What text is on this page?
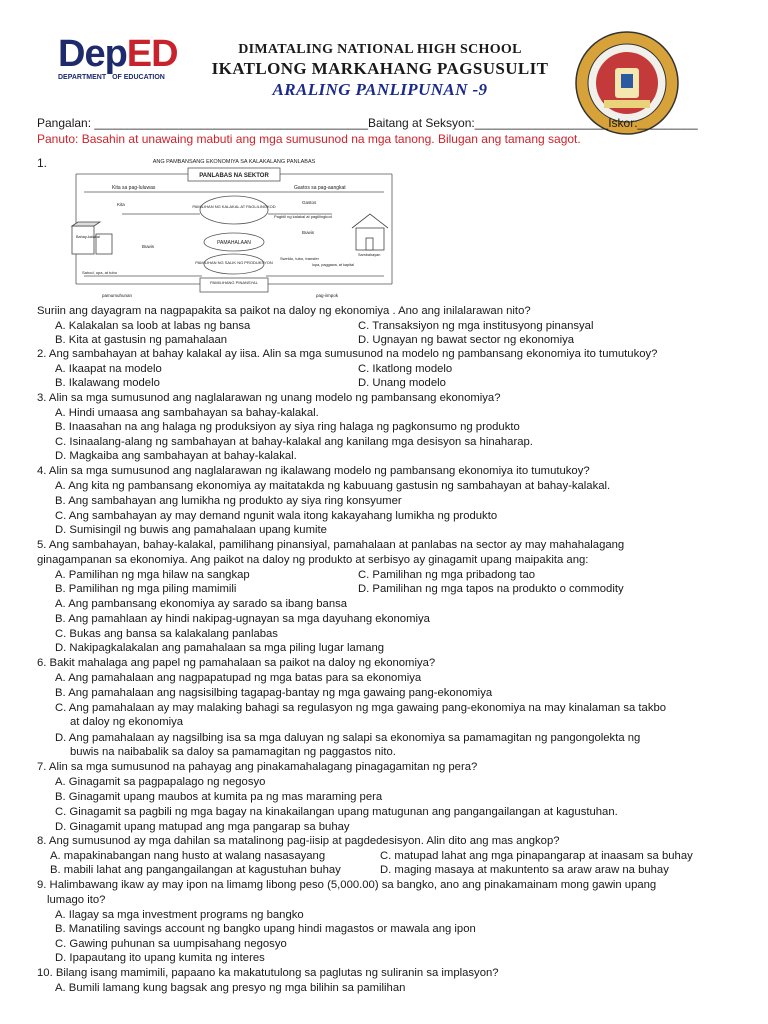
DepED
DEPARTMENT OF EDUCATION
DIMATALING NATIONAL HIGH SCHOOL
IKATLONG MARKAHANG PAGSUSULIT
ARALING PANLIPUNAN -9
Pangalan: _________________________________________Baitang at Seksyon:____________________Iskor:_________
Panuto: Basahin at unawaing mabuti ang mga sumusunod na mga tanong. Bilugan ang tamang sagot.
1.	ANG PAMBANSANG EKONOMIYA SA KALAKALANG PANLABAS
PANLABAS NA SEKTOR
Kita sa pag-luluwas	Gastos sa pag-aangkat
PAMILIHAN NG KALAKAL AT PAGLILINGKOD
Kita	Gastos
Pagbili ng kalakal at paglilingkod
PAMAHALAAN
Buwis
Buwis
PAMILIHAN NG SALIK NG PRODUKSYON
Sweldo, tubo, transfer
lupa, paggawa, at kapital
Sahod, upa, at tubo
PAMILIHANG PINANSYAL
pamumuhunan	pag-iimpok
Bahay-kalakal
Sambahayan
Suriin ang dayagram na nagpapakita sa paikot na daloy ng ekonomiya . Ano ang inilalarawan nito?
A. Kalakalan sa loob at labas ng bansa	C. Transaksiyon ng mga institusyong pinansyal
B. Kita at gastusin ng pamahalaan	D. Ugnayan ng bawat sector ng ekonomiya
2. Ang sambahayan at bahay kalakal ay iisa. Alin sa mga sumusunod na modelo ng pambansang ekonomiya ito tumutukoy?
A. Ikaapat na modelo	C. Ikatlong modelo
B. Ikalawang modelo	D. Unang modelo
3. Alin sa mga sumusunod ang naglalarawan ng unang modelo ng pambansang ekonomiya?
A. Hindi umaasa ang sambahayan sa bahay-kalakal.
B. Inaasahan na ang halaga ng produksiyon ay siya ring halaga ng pagkonsumo ng produkto
C. Isinaalang-alang ng sambahayan at bahay-kalakal ang kanilang mga desisyon sa hinaharap.
D. Magkaiba ang sambahayan at bahay-kalakal.
4. Alin sa mga sumusunod ang naglalarawan ng ikalawang modelo ng pambansang ekonomiya ito tumutukoy?
A. Ang kita ng pambansang ekonomiya ay maitatakda ng kabuuang gastusin ng sambahayan at bahay-kalakal.
B. Ang sambahayan ang lumikha ng produkto ay siya ring konsyumer
C. Ang sambahayan ay may demand ngunit wala itong kakayahang lumikha ng produkto
D. Sumisingil ng buwis ang pamahalaan upang kumite
5. Ang sambahayan, bahay-kalakal, pamilihang pinansiyal, pamahalaan at panlabas na sector ay may mahahalagang
ginagampanan sa ekonomiya. Ang paikot na daloy ng produkto at serbisyo ay ginagamit upang maipakita ang:
A. Pamilihan ng mga hilaw na sangkap	C. Pamilihan ng mga pribadong tao
B. Pamilihan ng mga piling mamimili	D. Pamilihan ng mga tapos na produkto o commodity
A. Ang pambansang ekonomiya ay sarado sa ibang bansa
B. Ang pamahlaan ay hindi nakipag-ugnayan sa mga dayuhang ekonomiya
C. Bukas ang bansa sa kalakalang panlabas
D. Nakipagkalakalan ang pamahalaan sa mga piling lugar lamang
6. Bakit mahalaga ang papel ng pamahalaan sa paikot na daloy ng ekonomiya?
A. Ang pamahalaan ang nagpapatupad ng mga batas para sa ekonomiya
B. Ang pamahalaan ang nagsisilbing tagapag-bantay ng mga gawaing pang-ekonomiya
C. Ang pamahalaan ay may malaking bahagi sa regulasyon ng mga gawaing pang-ekonomiya na may kinalaman sa takbo
at daloy ng ekonomiya
D. Ang pamahalaan ay nagsilbing isa sa mga daluyan ng salapi sa ekonomiya sa pamamagitan ng pangongolekta ng
buwis na naibabalik sa daloy sa pamamagitan ng paggastos nito.
7. Alin sa mga sumusunod na pahayag ang pinakamahalagang pinagagamitan ng pera?
A. Ginagamit sa pagpapalago ng negosyo
B. Ginagamit upang maubos at kumita pa ng mas maraming pera
C. Ginagamit sa pagbili ng mga bagay na kinakailangan upang matugunan ang pangangailangan at kagustuhan.
D. Ginagamit upang matupad ang mga pangarap sa buhay
8. Ang sumusunod ay mga dahilan sa matalinong pag-iisip at pagdedesisyon. Alin dito ang mas angkop?
A. mapakinabangan nang husto at walang nasasayang	C. matupad lahat ang mga pinapangarap at inaasam sa buhay
B. mabili lahat ang pangangailangan at kagustuhan buhay	D. maging masaya at makuntento sa araw araw na buhay
9. Halimbawang ikaw ay may ipon na limamg libong peso (5,000.00) sa bangko, ano ang pinakamainam mong gawin upang
lumago ito?
A. Ilagay sa mga investment programs ng bangko
B. Manatiling savings account ng bangko upang hindi magastos or mawala ang ipon
C. Gawing puhunan sa uumpisahang negosyo
D. Ipapautang ito upang kumita ng interes
10. Bilang isang mamimili, papaano ka makatutulong sa paglutas ng suliranin sa implasyon?
A. Bumili lamang kung bagsak ang presyo ng mga bilihin sa pamilihan
